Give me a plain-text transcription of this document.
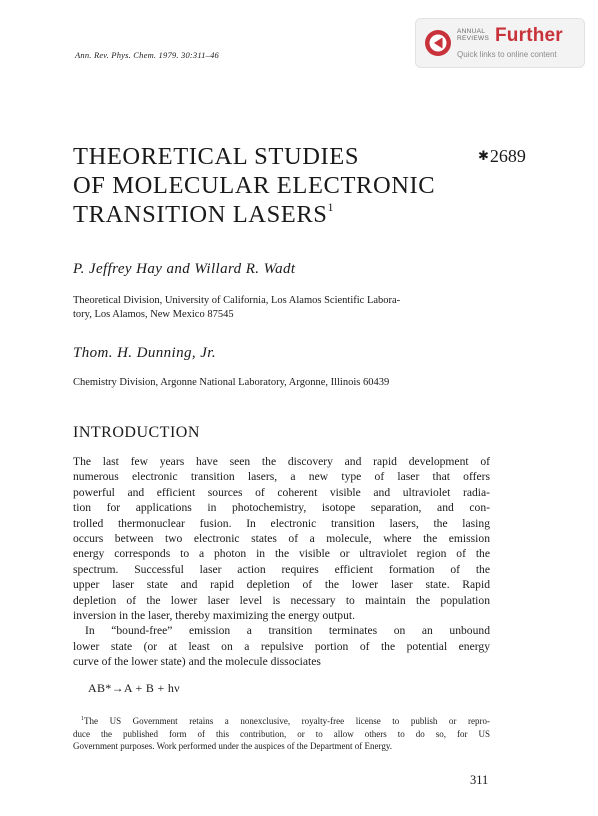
Ann. Rev. Phys. Chem. 1979. 30:311–46
ANNUAL REVIEWS Further
Quick links to online content
THEORETICAL STUDIES
OF MOLECULAR ELECTRONIC
TRANSITION LASERS$^1$
✱2689
P. Jeffrey Hay and Willard R. Wadt
Theoretical Division, University of California, Los Alamos Scientific Labora-
tory, Los Alamos, New Mexico 87545
Thom. H. Dunning, Jr.
Chemistry Division, Argonne National Laboratory, Argonne, Illinois 60439
INTRODUCTION
The last few years have seen the discovery and rapid development of
numerous electronic transition lasers, a new type of laser that offers
powerful and efficient sources of coherent visible and ultraviolet radia-
tion for applications in photochemistry, isotope separation, and con-
trolled thermonuclear fusion. In electronic transition lasers, the lasing
occurs between two electronic states of a molecule, where the emission
energy corresponds to a photon in the visible or ultraviolet region of the
spectrum. Successful laser action requires efficient formation of the
upper laser state and rapid depletion of the lower laser state. Rapid
depletion of the lower laser level is necessary to maintain the population
inversion in the laser, thereby maximizing the energy output.
In “bound-free” emission a transition terminates on an unbound
lower state (or at least on a repulsive portion of the potential energy
curve of the lower state) and the molecule dissociates
AB*→A + B + hν
$^1$The US Government retains a nonexclusive, royalty-free license to publish or repro-
duce the published form of this contribution, or to allow others to do so, for US
Government purposes. Work performed under the auspices of the Department of Energy.
311
